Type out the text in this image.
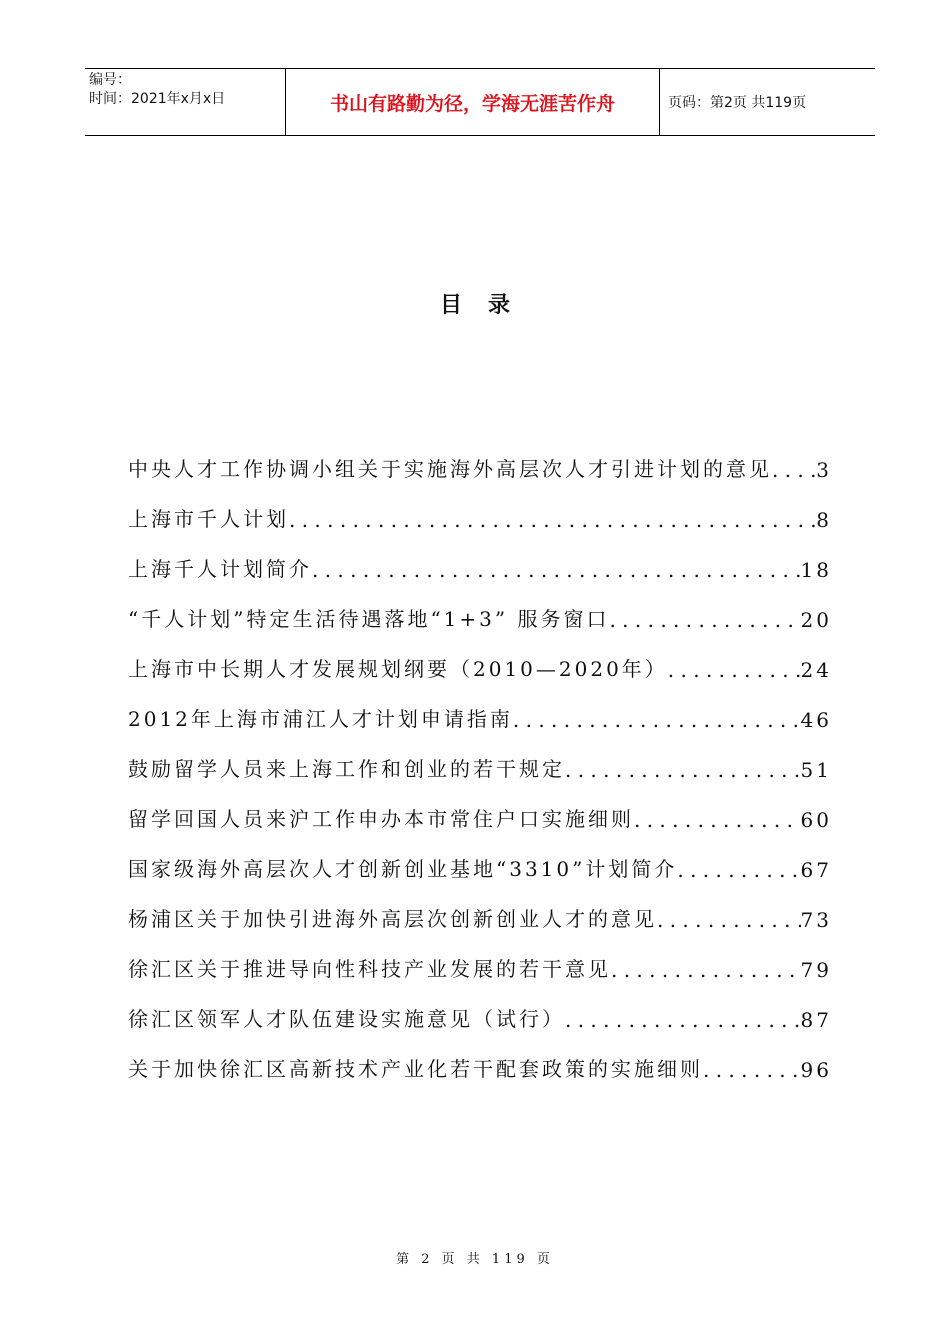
编号：
时间：2021年x月x日	书山有路勤为径，学海无涯苦作舟	页码：第2页 共119页
目录
中央人才工作协调小组关于实施海外高层次人才引进计划的意见 . . . 3
上海市千人计划 . . .	8
上海千人计划简介 . . .	18
“千人计划”特定生活待遇落地“1+3” 服务窗口 . . .	20
上海市中长期人才发展规划纲要（2010—2020年） . . .	24
2012年上海市浦江人才计划申请指南 . . .	46
鼓励留学人员来上海工作和创业的若干规定 . . .	51
留学回国人员来沪工作申办本市常住户口实施细则 . . .	60
国家级海外高层次人才创新创业基地“3310”计划简介 . . .	67
杨浦区关于加快引进海外高层次创新创业人才的意见 . . .	73
徐汇区关于推进导向性科技产业发展的若干意见 . . .	79
徐汇区领军人才队伍建设实施意见（试行） . . .	87
关于加快徐汇区高新技术产业化若干配套政策的实施细则 . . .	96
第 2 页 共 119 页
